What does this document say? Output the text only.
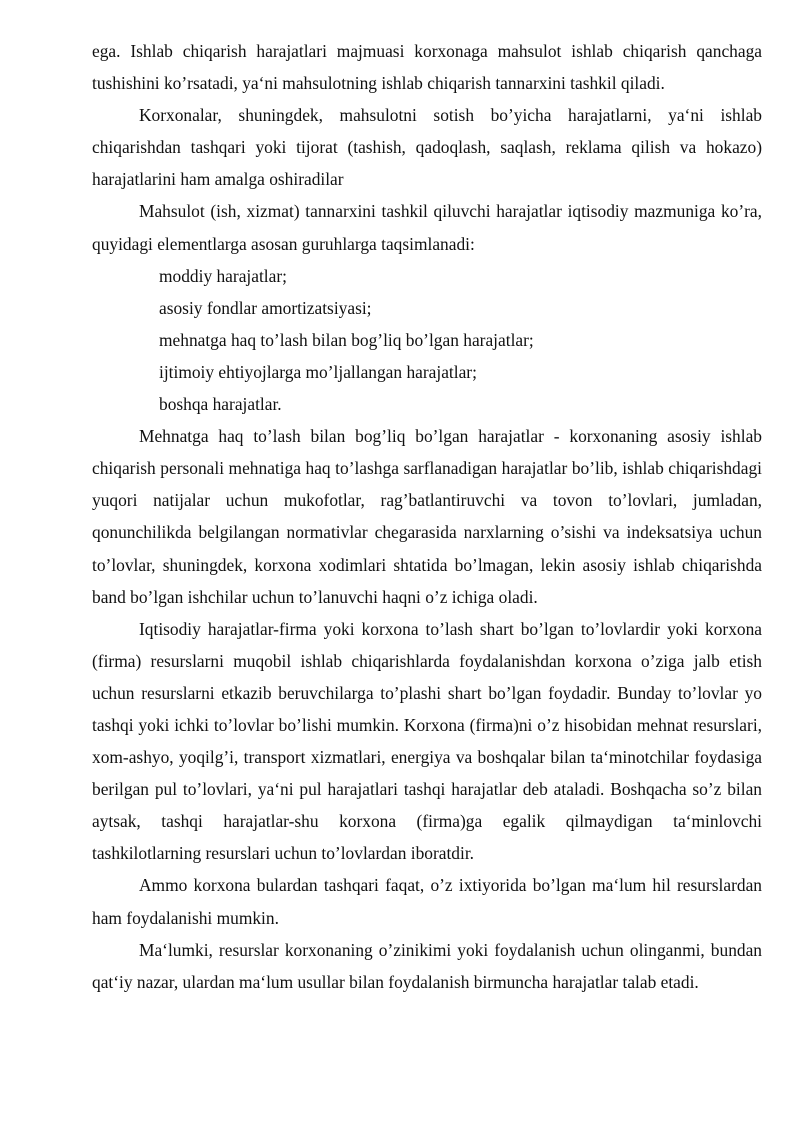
ega. Ishlab chiqarish harajatlari majmuasi korxonaga mahsulot ishlab chiqarish qanchaga tushishini ko’rsatadi, ya‘ni mahsulotning ishlab chiqarish tannarxini tashkil qiladi.

Korxonalar, shuningdek, mahsulotni sotish bo’yicha harajatlarni, ya‘ni ishlab chiqarishdan tashqari yoki tijorat (tashish, qadoqlash, saqlash, reklama qilish va hokazo) harajatlarini ham amalga oshiradilar

Mahsulot (ish, xizmat) tannarxini tashkil qiluvchi harajatlar iqtisodiy mazmuniga ko’ra, quyidagi elementlarga asosan guruhlarga taqsimlanadi:

moddiy harajatlar;
asosiy fondlar amortizatsiyasi;
mehnatga haq to’lash bilan bog’liq bo’lgan harajatlar;
ijtimoiy ehtiyojlarga mo’ljallangan harajatlar;
boshqa harajatlar.

Mehnatga haq to’lash bilan bog’liq bo’lgan harajatlar - korxonaning asosiy ishlab chiqarish personali mehnatiga haq to’lashga sarflanadigan harajatlar bo’lib, ishlab chiqarishdagi yuqori natijalar uchun mukofotlar, rag’batlantiruvchi va tovon to’lovlari, jumladan, qonunchilikda belgilangan normativlar chegarasida narxlarning o’sishi va indeksatsiya uchun to’lovlar, shuningdek, korxona xodimlari shtatida bo’lmagan, lekin asosiy ishlab chiqarishda band bo’lgan ishchilar uchun to’lanuvchi haqni o’z ichiga oladi.

Iqtisodiy harajatlar-firma yoki korxona to’lash shart bo’lgan to’lovlardir yoki korxona (firma) resurslarni muqobil ishlab chiqarishlarda foydalanishdan korxona o’ziga jalb etish uchun resurslarni etkazib beruvchilarga to’plashi shart bo’lgan foydadir. Bunday to’lovlar yo tashqi yoki ichki to’lovlar bo’lishi mumkin. Korxona (firma)ni o’z hisobidan mehnat resurslari, xom-ashyo, yoqilg’i, transport xizmatlari, energiya va boshqalar bilan ta‘minotchilar foydasiga berilgan pul to’lovlari, ya‘ni pul harajatlari tashqi harajatlar deb ataladi. Boshqacha so’z bilan aytsak, tashqi harajatlar-shu korxona (firma)ga egalik qilmaydigan ta‘minlovchi tashkilotlarning resurslari uchun to’lovlardan iboratdir.

Ammo korxona bulardan tashqari faqat, o’z ixtiyorida bo’lgan ma‘lum hil resurslardan ham foydalanishi mumkin.

Ma‘lumki, resurslar korxonaning o’zinikimi yoki foydalanish uchun olinganmi, bundan qat‘iy nazar, ulardan ma‘lum usullar bilan foydalanish birmuncha harajatlar talab etadi.
